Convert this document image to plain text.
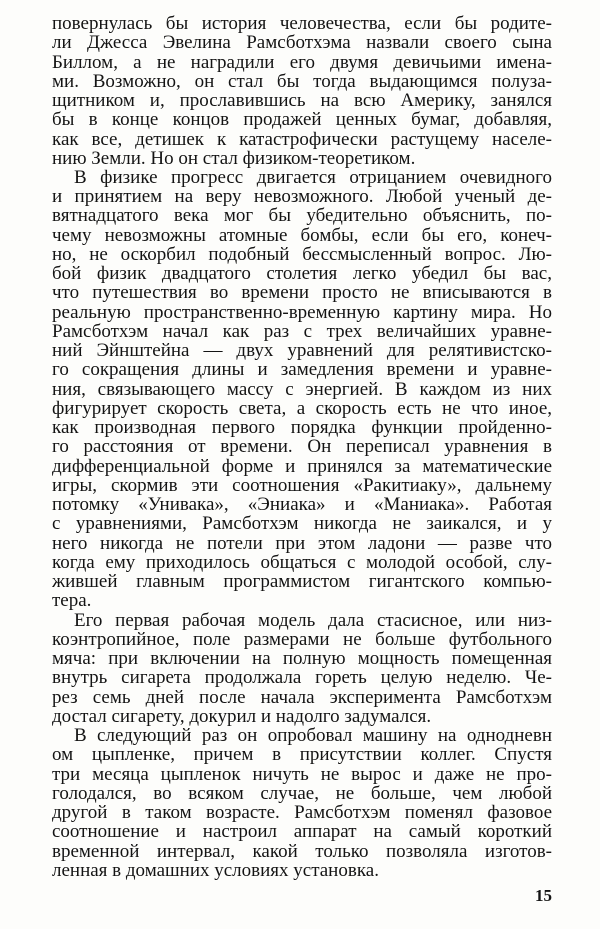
повернулась бы история человечества, если бы родите-
ли Джесса Эвелина Рамсботхэма назвали своего сына
Биллом, а не наградили его двумя девичьими имена-
ми. Возможно, он стал бы тогда выдающимся полуза-
щитником и, прославившись на всю Америку, занялся
бы в конце концов продажей ценных бумаг, добавляя,
как все, детишек к катастрофически растущему населе-
нию Земли. Но он стал физиком-теоретиком.
В физике прогресс двигается отрицанием очевидного
и принятием на веру невозможного. Любой ученый де-
вятнадцатого века мог бы убедительно объяснить, по-
чему невозможны атомные бомбы, если бы его, конеч-
но, не оскорбил подобный бессмысленный вопрос. Лю-
бой физик двадцатого столетия легко убедил бы вас,
что путешествия во времени просто не вписываются в
реальную пространственно-временную картину мира. Но
Рамсботхэм начал как раз с трех величайших уравне-
ний Эйнштейна — двух уравнений для релятивистско-
го сокращения длины и замедления времени и уравне-
ния, связывающего массу с энергией. В каждом из них
фигурирует скорость света, а скорость есть не что иное,
как производная первого порядка функции пройденно-
го расстояния от времени. Он переписал уравнения в
дифференциальной форме и принялся за математические
игры, скормив эти соотношения «Ракитиаку», дальнему
потомку «Унивака», «Эниака» и «Маниака». Работая
с уравнениями, Рамсботхэм никогда не заикался, и у
него никогда не потели при этом ладони — разве что
когда ему приходилось общаться с молодой особой, слу-
жившей главным программистом гигантского компью-
тера.
Его первая рабочая модель дала стасисное, или низ-
коэнтропийное, поле размерами не больше футбольного
мяча: при включении на полную мощность помещенная
внутрь сигарета продолжала гореть целую неделю. Че-
рез семь дней после начала эксперимента Рамсботхэм
достал сигарету, докурил и надолго задумался.
В следующий раз он опробовал машину на однодневн
ом цыпленке, причем в присутствии коллег. Спустя
три месяца цыпленок ничуть не вырос и даже не про-
голодался, во всяком случае, не больше, чем любой
другой в таком возрасте. Рамсботхэм поменял фазовое
соотношение и настроил аппарат на самый короткий
временной интервал, какой только позволяла изготов-
ленная в домашних условиях установка.
15
